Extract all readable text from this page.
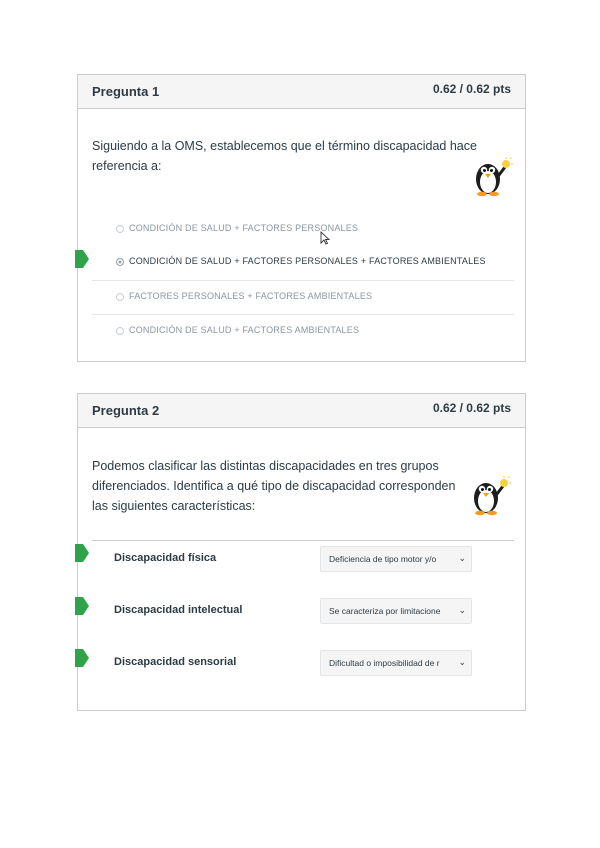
Pregunta 1	0.62 / 0.62 pts
Siguiendo a la OMS, establecemos que el término discapacidad hace
referencia a:
CONDICIÓN DE SALUD + FACTORES PERSONALES
CONDICIÓN DE SALUD + FACTORES PERSONALES + FACTORES AMBIENTALES
FACTORES PERSONALES + FACTORES AMBIENTALES
CONDICIÓN DE SALUD + FACTORES AMBIENTALES
Pregunta 2	0.62 / 0.62 pts
Podemos clasificar las distintas discapacidades en tres grupos
diferenciados. Identifica a qué tipo de discapacidad corresponden
las siguientes características:
Discapacidad física	Deficiencia de tipo motor y/o	⌄
Discapacidad intelectual	Se caracteriza por limitacione	⌄
Discapacidad sensorial	Dificultad o imposibilidad de r	⌄
